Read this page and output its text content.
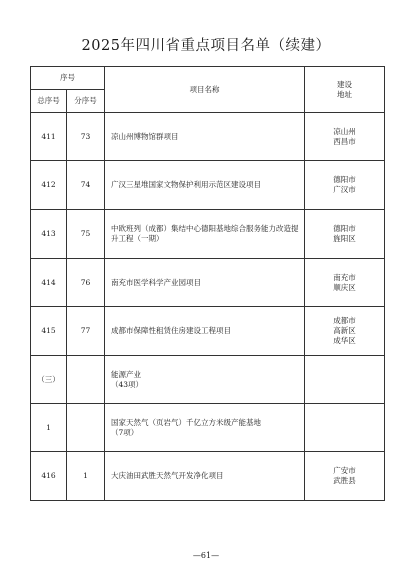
2025年四川省重点项目名单（续建）
序号		项目名称	建设
地址

总序号	分序号		
411	73	凉山州博物馆群项目	凉山州
西昌市

412	74	广汉三星堆国家文物保护利用示范区建设项目	德阳市
广汉市

413	75	中欧班列（成都）集结中心德阳基地综合服务能力改造提升工程（一期）	德阳市
旌阳区

414	76	南充市医学科学产业园项目	南充市
顺庆区

415	77	成都市保障性租赁住房建设工程项目	成都市
高新区
成华区

（三）		能源产业
（43项）	

1		国家天然气（页岩气）千亿立方米级产能基地
（7项）	

416	1	大庆油田武胜天然气开发净化项目	广安市
武胜县
—61—
